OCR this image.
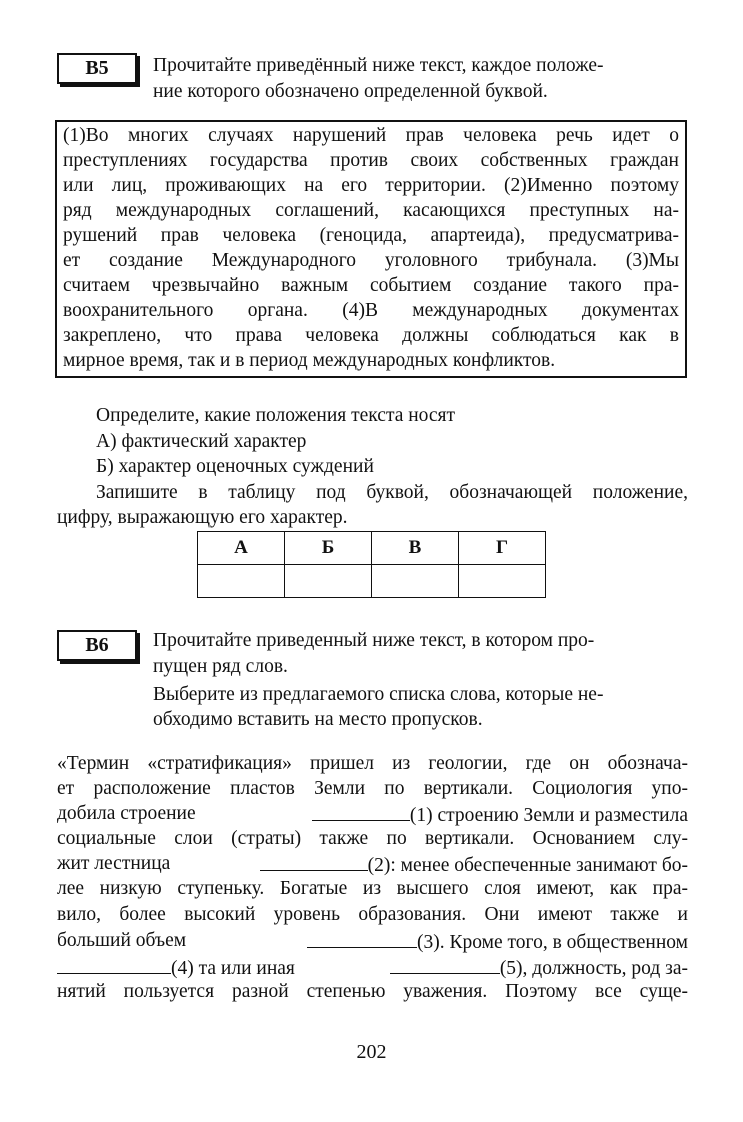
B5	Прочитайте приведённый ниже текст, каждое положе-
ние которого обозначено определенной буквой.
(1)Во многих случаях нарушений прав человека речь идет о
преступлениях государства против своих собственных граждан
или лиц, проживающих на его территории. (2)Именно поэтому
ряд международных соглашений, касающихся преступных на-
рушений прав человека (геноцида, апартеида), предусматрива-
ет создание Международного уголовного трибунала. (3)Мы
считаем чрезвычайно важным событием создание такого пра-
воохранительного органа. (4)В международных документах
закреплено, что права человека должны соблюдаться как в
мирное время, так и в период международных конфликтов.
Определите, какие положения текста носят
А) фактический характер
Б) характер оценочных суждений
Запишите в таблицу под буквой, обозначающей положение,
цифру, выражающую его характер.
А	Б	В	Г

B6	Прочитайте приведенный ниже текст, в котором про-
пущен ряд слов.
Выберите из предлагаемого списка слова, которые не-
обходимо вставить на место пропусков.
«Термин «стратификация» пришел из геологии, где он обознача-
ет расположение пластов Земли по вертикали. Социология упо-
добила строение	(1) строению Земли и разместила
социальные слои (страты) также по вертикали. Основанием слу-
жит лестница	(2): менее обеспеченные занимают бо-
лее низкую ступеньку. Богатые из высшего слоя имеют, как пра-
вило, более высокий уровень образования. Они имеют также и
больший объем	(3). Кроме того, в общественном
(4) та или иная	(5), должность, род за-
нятий пользуется разной степенью уважения. Поэтому все суще-
202
